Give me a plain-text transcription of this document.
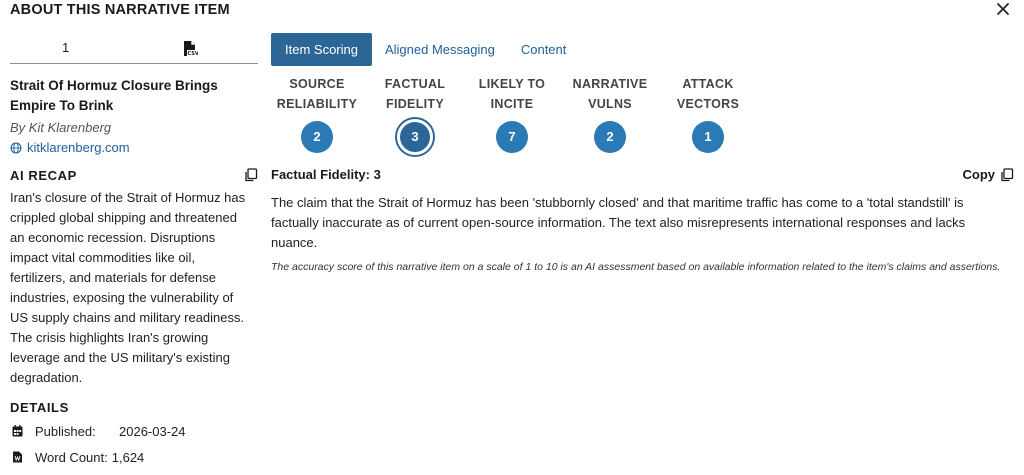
ABOUT THIS NARRATIVE ITEM
1	CSV
Strait Of Hormuz Closure Brings Empire To Brink
By Kit Klarenberg
kitklarenberg.com
AI RECAP
Iran's closure of the Strait of Hormuz has crippled global shipping and threatened an economic recession. Disruptions impact vital commodities like oil, fertilizers, and materials for defense industries, exposing the vulnerability of US supply chains and military readiness. The crisis highlights Iran's growing leverage and the US military's existing degradation.
DETAILS
Published:	2026-03-24
Word Count: 1,624
Item Scoring	Aligned Messaging	Content
SOURCE
RELIABILITY
2
FACTUAL
FIDELITY
3
LIKELY TO
INCITE
7
NARRATIVE
VULNS
2
ATTACK
VECTORS
1
Factual Fidelity: 3	Copy
The claim that the Strait of Hormuz has been 'stubbornly closed' and that maritime traffic has come to a 'total standstill' is factually inaccurate as of current open-source information. The text also misrepresents international responses and lacks nuance.
The accuracy score of this narrative item on a scale of 1 to 10 is an AI assessment based on available information related to the item's claims and assertions.
